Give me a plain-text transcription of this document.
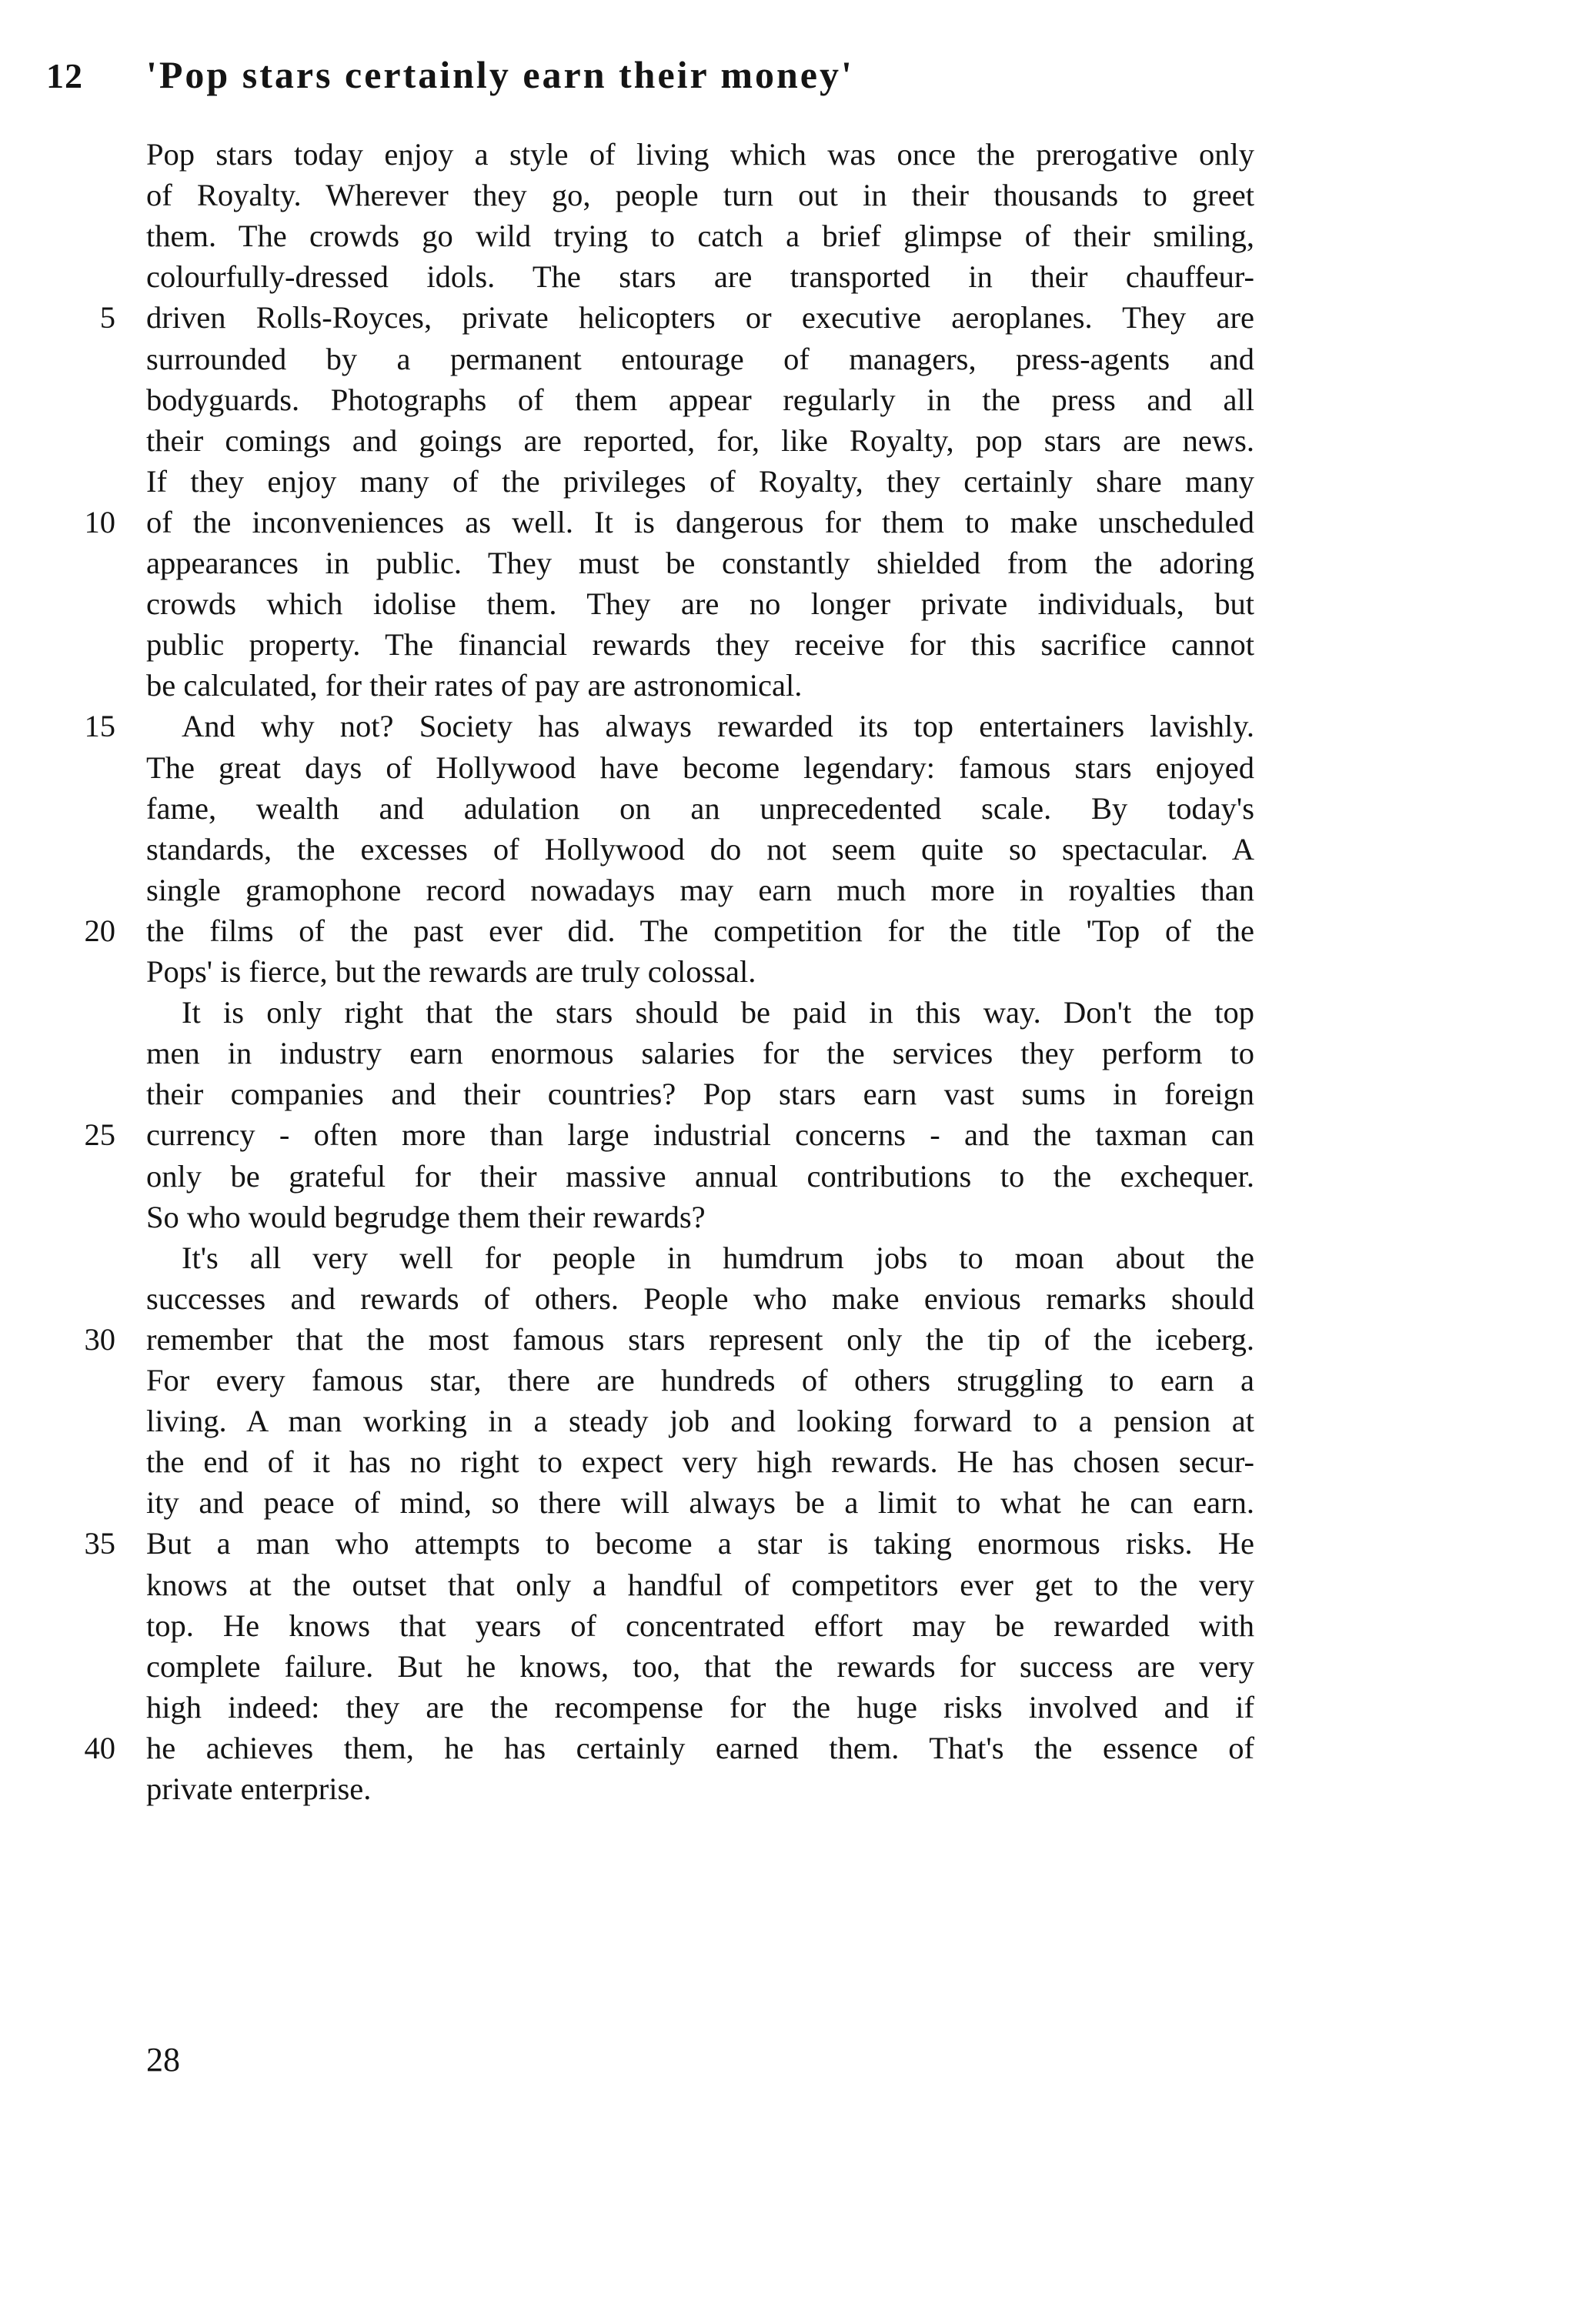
12 'Pop stars certainly earn their money'
Pop stars today enjoy a style of living which was once the prerogative only
of Royalty. Wherever they go, people turn out in their thousands to greet
them. The crowds go wild trying to catch a brief glimpse of their smiling,
colourfully-dressed idols. The stars are transported in their chauffeur-
driven Rolls-Royces, private helicopters or executive aeroplanes. They are
5
surrounded by a permanent entourage of managers, press-agents and
bodyguards. Photographs of them appear regularly in the press and all
their comings and goings are reported, for, like Royalty, pop stars are news.
If they enjoy many of the privileges of Royalty, they certainly share many
of the inconveniences as well. It is dangerous for them to make unscheduled
10
appearances in public. They must be constantly shielded from the adoring
crowds which idolise them. They are no longer private individuals, but
public property. The financial rewards they receive for this sacrifice cannot
be calculated, for their rates of pay are astronomical.
And why not? Society has always rewarded its top entertainers lavishly.
15
The great days of Hollywood have become legendary: famous stars enjoyed
fame, wealth and adulation on an unprecedented scale. By today's
standards, the excesses of Hollywood do not seem quite so spectacular. A
single gramophone record nowadays may earn much more in royalties than
the films of the past ever did. The competition for the title 'Top of the
20
Pops' is fierce, but the rewards are truly colossal.
It is only right that the stars should be paid in this way. Don't the top
men in industry earn enormous salaries for the services they perform to
their companies and their countries? Pop stars earn vast sums in foreign
currency - often more than large industrial concerns - and the taxman can
25
only be grateful for their massive annual contributions to the exchequer.
So who would begrudge them their rewards?
It's all very well for people in humdrum jobs to moan about the
successes and rewards of others. People who make envious remarks should
remember that the most famous stars represent only the tip of the iceberg.
30
For every famous star, there are hundreds of others struggling to earn a
living. A man working in a steady job and looking forward to a pension at
the end of it has no right to expect very high rewards. He has chosen secur-
ity and peace of mind, so there will always be a limit to what he can earn.
But a man who attempts to become a star is taking enormous risks. He
35
knows at the outset that only a handful of competitors ever get to the very
top. He knows that years of concentrated effort may be rewarded with
complete failure. But he knows, too, that the rewards for success are very
high indeed: they are the recompense for the huge risks involved and if
he achieves them, he has certainly earned them. That's the essence of
40
private enterprise.
28
